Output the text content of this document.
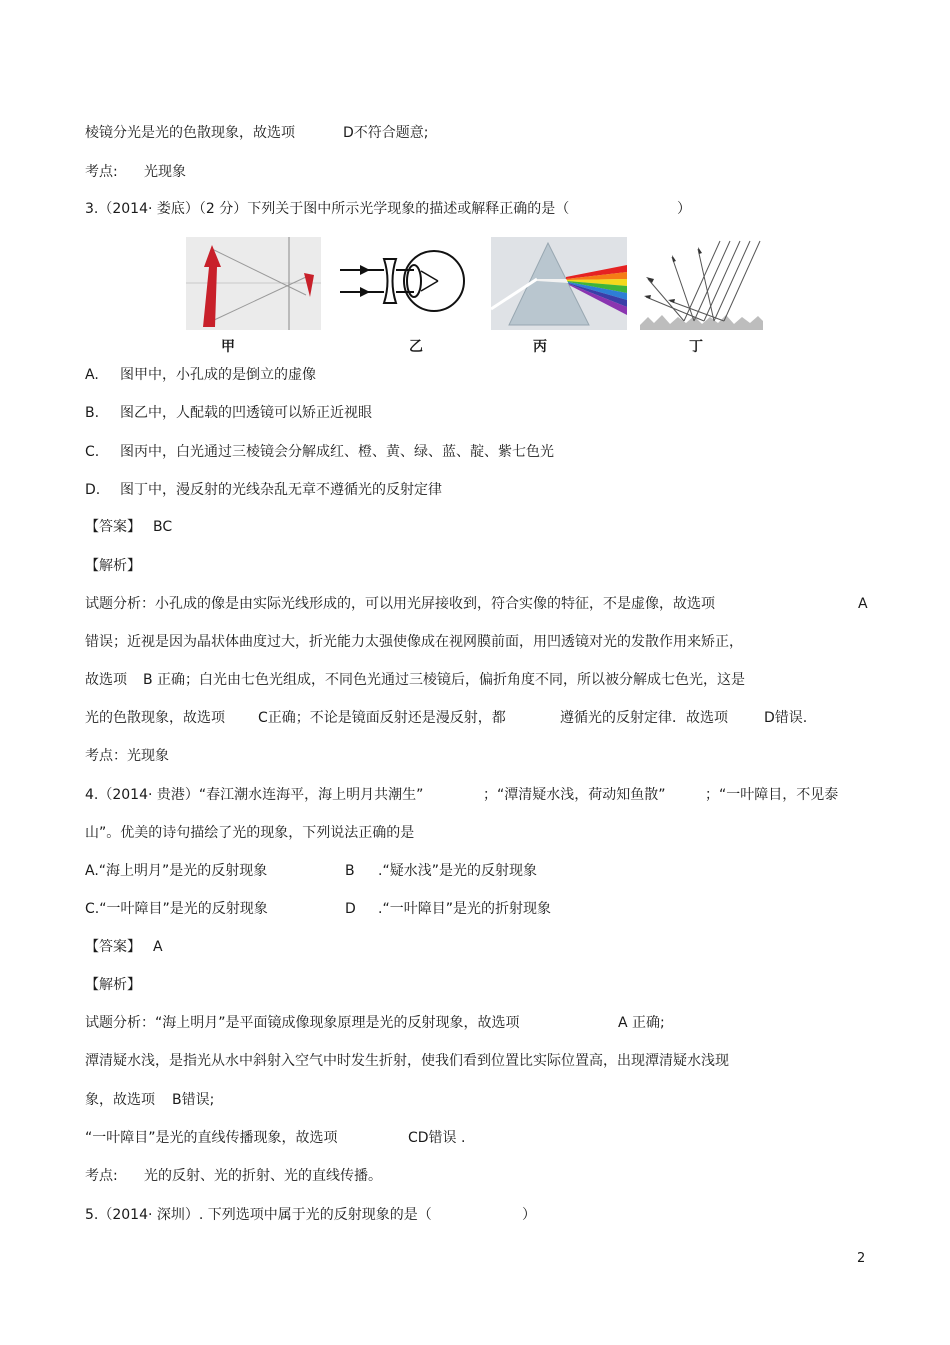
棱镜分光是光的色散现象，故选项	D不符合题意;
考点: 光现象
3.（2014· 娄底）（2 分）下列关于图中所示光学现象的描述或解释正确的是（	）
甲	乙	丙	丁
A. 图甲中，小孔成的是倒立的虚像
B. 图乙中，人配载的凹透镜可以矫正近视眼
C. 图丙中，白光通过三棱镜会分解成红、橙、黄、绿、蓝、靛、紫七色光
D. 图丁中，漫反射的光线杂乱无章不遵循光的反射定律
【答案】 BC
【解析】
试题分析：小孔成的像是由实际光线形成的，可以用光屏接收到，符合实像的特征，不是虚像，故选项	A
错误；近视是因为晶状体曲度过大，折光能力太强使像成在视网膜前面，用凹透镜对光的发散作用来矫正，
故选项 B 正确；白光由七色光组成，不同色光通过三棱镜后，偏折角度不同，所以被分解成七色光，这是
光的色散现象，故选项 C正确；不论是镜面反射还是漫反射，都	遵循光的反射定律．故选项	D错误.
考点：光现象
4.（2014· 贵港）“春江潮水连海平，海上明月共潮生”	；“潭清疑水浅，荷动知鱼散”	；“一叶障目，不见泰
山”。优美的诗句描绘了光的现象，下列说法正确的是
A.“海上明月”是光的反射现象	B .“疑水浅”是光的反射现象
C.“一叶障目”是光的反射现象	D .“一叶障目”是光的折射现象
【答案】 A
【解析】
试题分析：“海上明月”是平面镜成像现象原理是光的反射现象，故选项	A 正确;
潭清疑水浅，是指光从水中斜射入空气中时发生折射，使我们看到位置比实际位置高，出现潭清疑水浅现
象，故选项 B错误;
“一叶障目”是光的直线传播现象，故选项	CD错误 .
考点: 光的反射、光的折射、光的直线传播。
5.（2014· 深圳）. 下列选项中属于光的反射现象的是（	）
2
